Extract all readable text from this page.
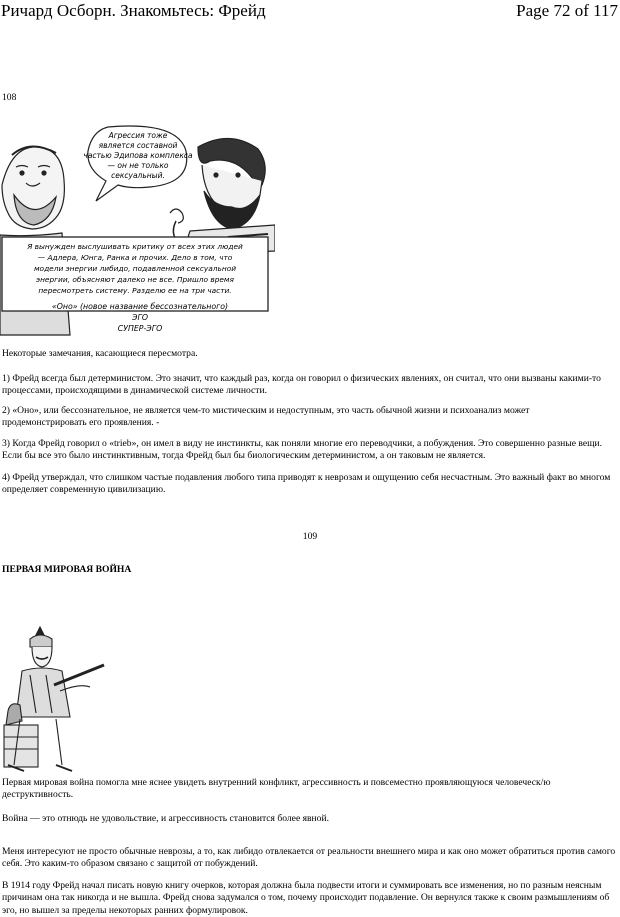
Ричард Осборн. Знакомьтесь: Фрейд	Page 72 of 117
108
Агрессия тоже
является составной
частью Эдипова комплекса
— он не только
сексуальный.
Я вынужден выслушивать критику от всех этих людей
— Адлера, Юнга, Ранка и прочих. Дело в том, что
модели энергии либидо, подавленной сексуальной
энергии, объясняют далеко не все. Пришло время
пересмотреть систему. Разделю ее на три части.
«Оно» (новое название бессознательного)
ЭГО
СУПЕР-ЭГО
Некоторые замечания, касающиеся пересмотра.
1) Фрейд всегда был детерминистом. Это значит, что каждый раз, когда он говорил о физических явлениях, он считал, что они вызваны какими-то процессами, происходящими в динамической системе личности.
2) «Оно», или бессознательное, не является чем-то мистическим и недоступным, это часть обычной жизни и психоанализ может продемонстрировать его проявления. -
3) Когда Фрейд говорил о «trieb», он имел в виду не инстинкты, как поняли многие его переводчики, а побуждения. Это совершенно разные вещи. Если бы все это было инстинктивным, тогда Фрейд был бы биологическим детерминистом, а он таковым не является.
4) Фрейд утверждал, что слишком частые подавления любого типа приводят к неврозам и ощущению себя несчастным. Это важный факт во многом определяет современную цивилизацию.
109
ПЕРВАЯ МИРОВАЯ ВОЙНА
Первая мировая война помогла мне яснее увидеть внутренний конфликт, агрессивность и повсеместно проявляющуюся человеческ/ю деструктивность.
Война — это отнюдь не удовольствие, и агрессивность становится более явной.
Меня интересуют не просто обычные неврозы, а то, как либидо отвлекается от реальности внешнего мира и как оно может обратиться против самого себя. Это каким-то образом связано с защитой от побуждений.
В 1914 году Фрейд начал писать новую книгу очерков, которая должна была подвести итоги и суммировать все изменения, но по разным неясным причинам она так никогда и не вышла. Фрейд снова задумался о том, почему происходит подавление. Он вернулся также к своим размышлениям об эго, но вышел за пределы некоторых ранних формулировок.
